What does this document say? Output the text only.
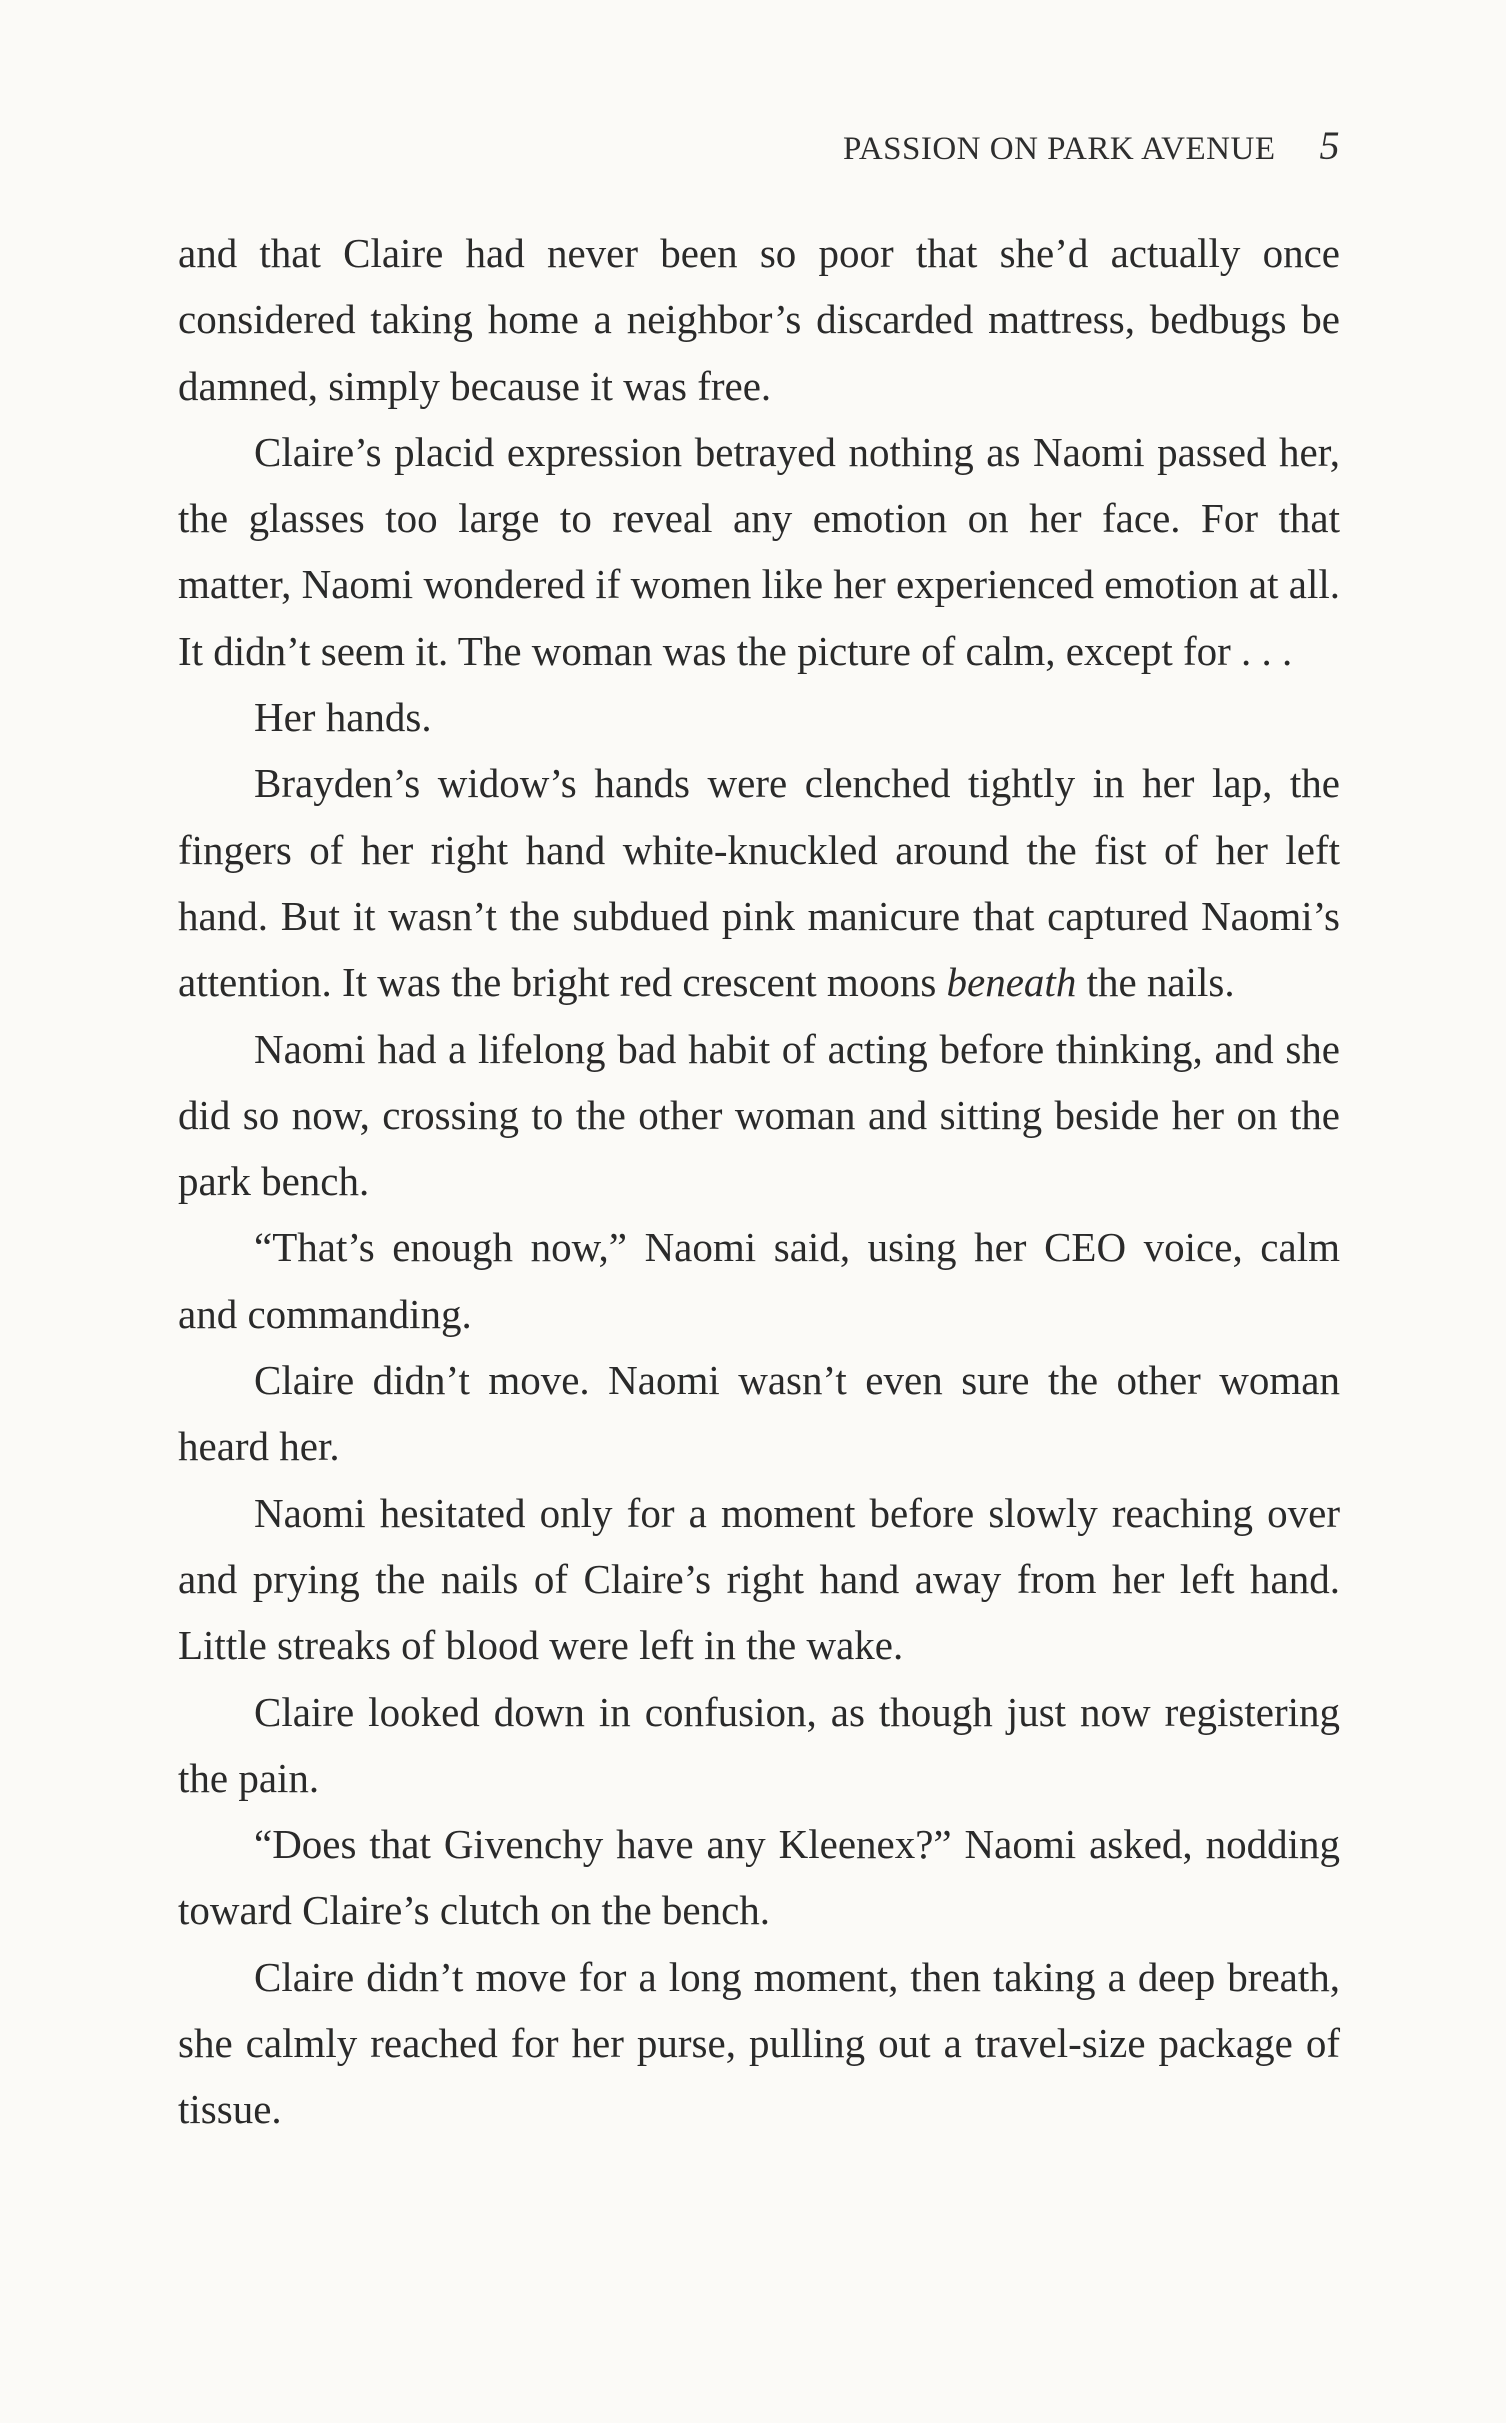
PASSION ON PARK AVENUE 5

and that Claire had never been so poor that she’d actually once considered taking home a neighbor’s discarded mattress, bedbugs be damned, simply because it was free.

Claire’s placid expression betrayed nothing as Naomi passed her, the glasses too large to reveal any emotion on her face. For that matter, Naomi wondered if women like her experienced emotion at all. It didn’t seem it. The woman was the picture of calm, except for . . .

Her hands.

Brayden’s widow’s hands were clenched tightly in her lap, the fingers of her right hand white-knuckled around the fist of her left hand. But it wasn’t the subdued pink manicure that captured Naomi’s attention. It was the bright red crescent moons beneath the nails.

Naomi had a lifelong bad habit of acting before thinking, and she did so now, crossing to the other woman and sitting beside her on the park bench.

“That’s enough now,” Naomi said, using her CEO voice, calm and commanding.

Claire didn’t move. Naomi wasn’t even sure the other woman heard her.

Naomi hesitated only for a moment before slowly reaching over and prying the nails of Claire’s right hand away from her left hand. Little streaks of blood were left in the wake.

Claire looked down in confusion, as though just now registering the pain.

“Does that Givenchy have any Kleenex?” Naomi asked, nodding toward Claire’s clutch on the bench.

Claire didn’t move for a long moment, then taking a deep breath, she calmly reached for her purse, pulling out a travel-size package of tissue.
